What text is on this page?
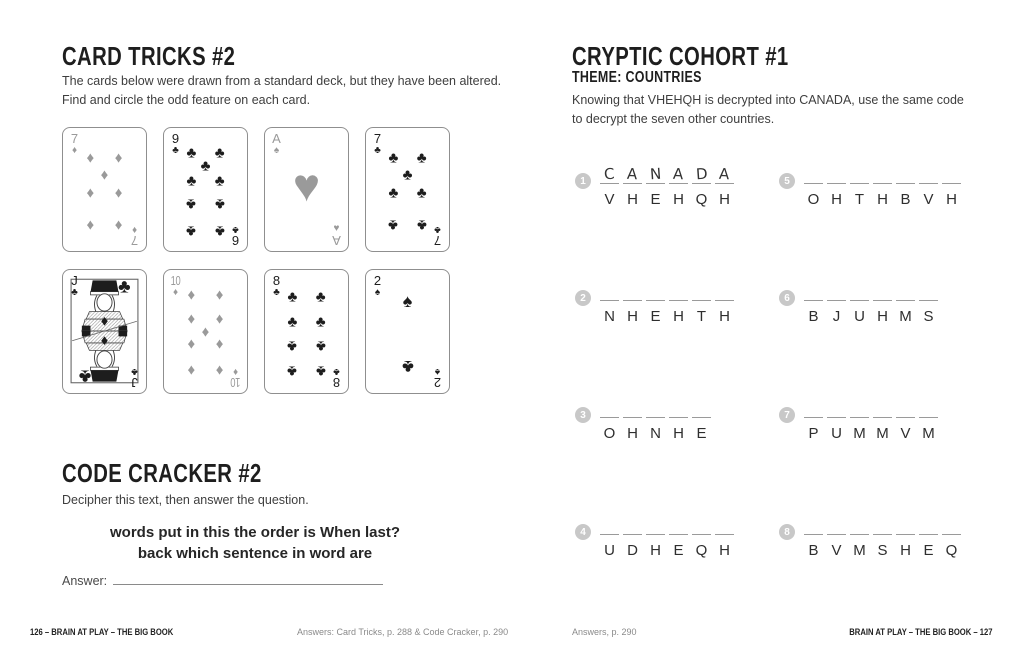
CARD TRICKS #2
The cards below were drawn from a standard deck, but they have been altered.
Find and circle the odd feature on each card.
7
♦
♦
7
♦ ♦
♦
♦ ♦
♦ ♦
9
♣
♣
9
♣ ♣
♣
♣ ♣
♣ ♣
♣ ♣
A
♠
♥
A
♥
7
♣
♣
7
♣ ♣
♣
♣ ♣
♣ ♣
J
♣
♣
J
♣
♣
10
♦
♦
10
♦ ♦
♦ ♦
♦
♦ ♦
♦ ♦
8
♣
♣
8
♣ ♣
♣ ♣
♣ ♣
♣ ♣
2
♠
♠
2
♠
♣
CODE CRACKER #2
Decipher this text, then answer the question.
words put in this the order is When last?
back which sentence in word are
Answer:
126 – BRAIN AT PLAY – THE BIG BOOK	Answers: Card Tricks, p. 288 & Code Cracker, p. 290
CRYPTIC COHORT #1
THEME: COUNTRIES
Knowing that VHEHQH is decrypted into CANADA, use the same code
to decrypt the seven other countries.
1	C
V
A
H
N
E
A
H
D
Q
A
H
5
O H T H B V H
2
N H E H T H
6
B J U H M S
3
O H N H E
7
P U M M V M
4
U D H E Q H
8
B V M S H E Q
Answers, p. 290	BRAIN AT PLAY – THE BIG BOOK – 127
